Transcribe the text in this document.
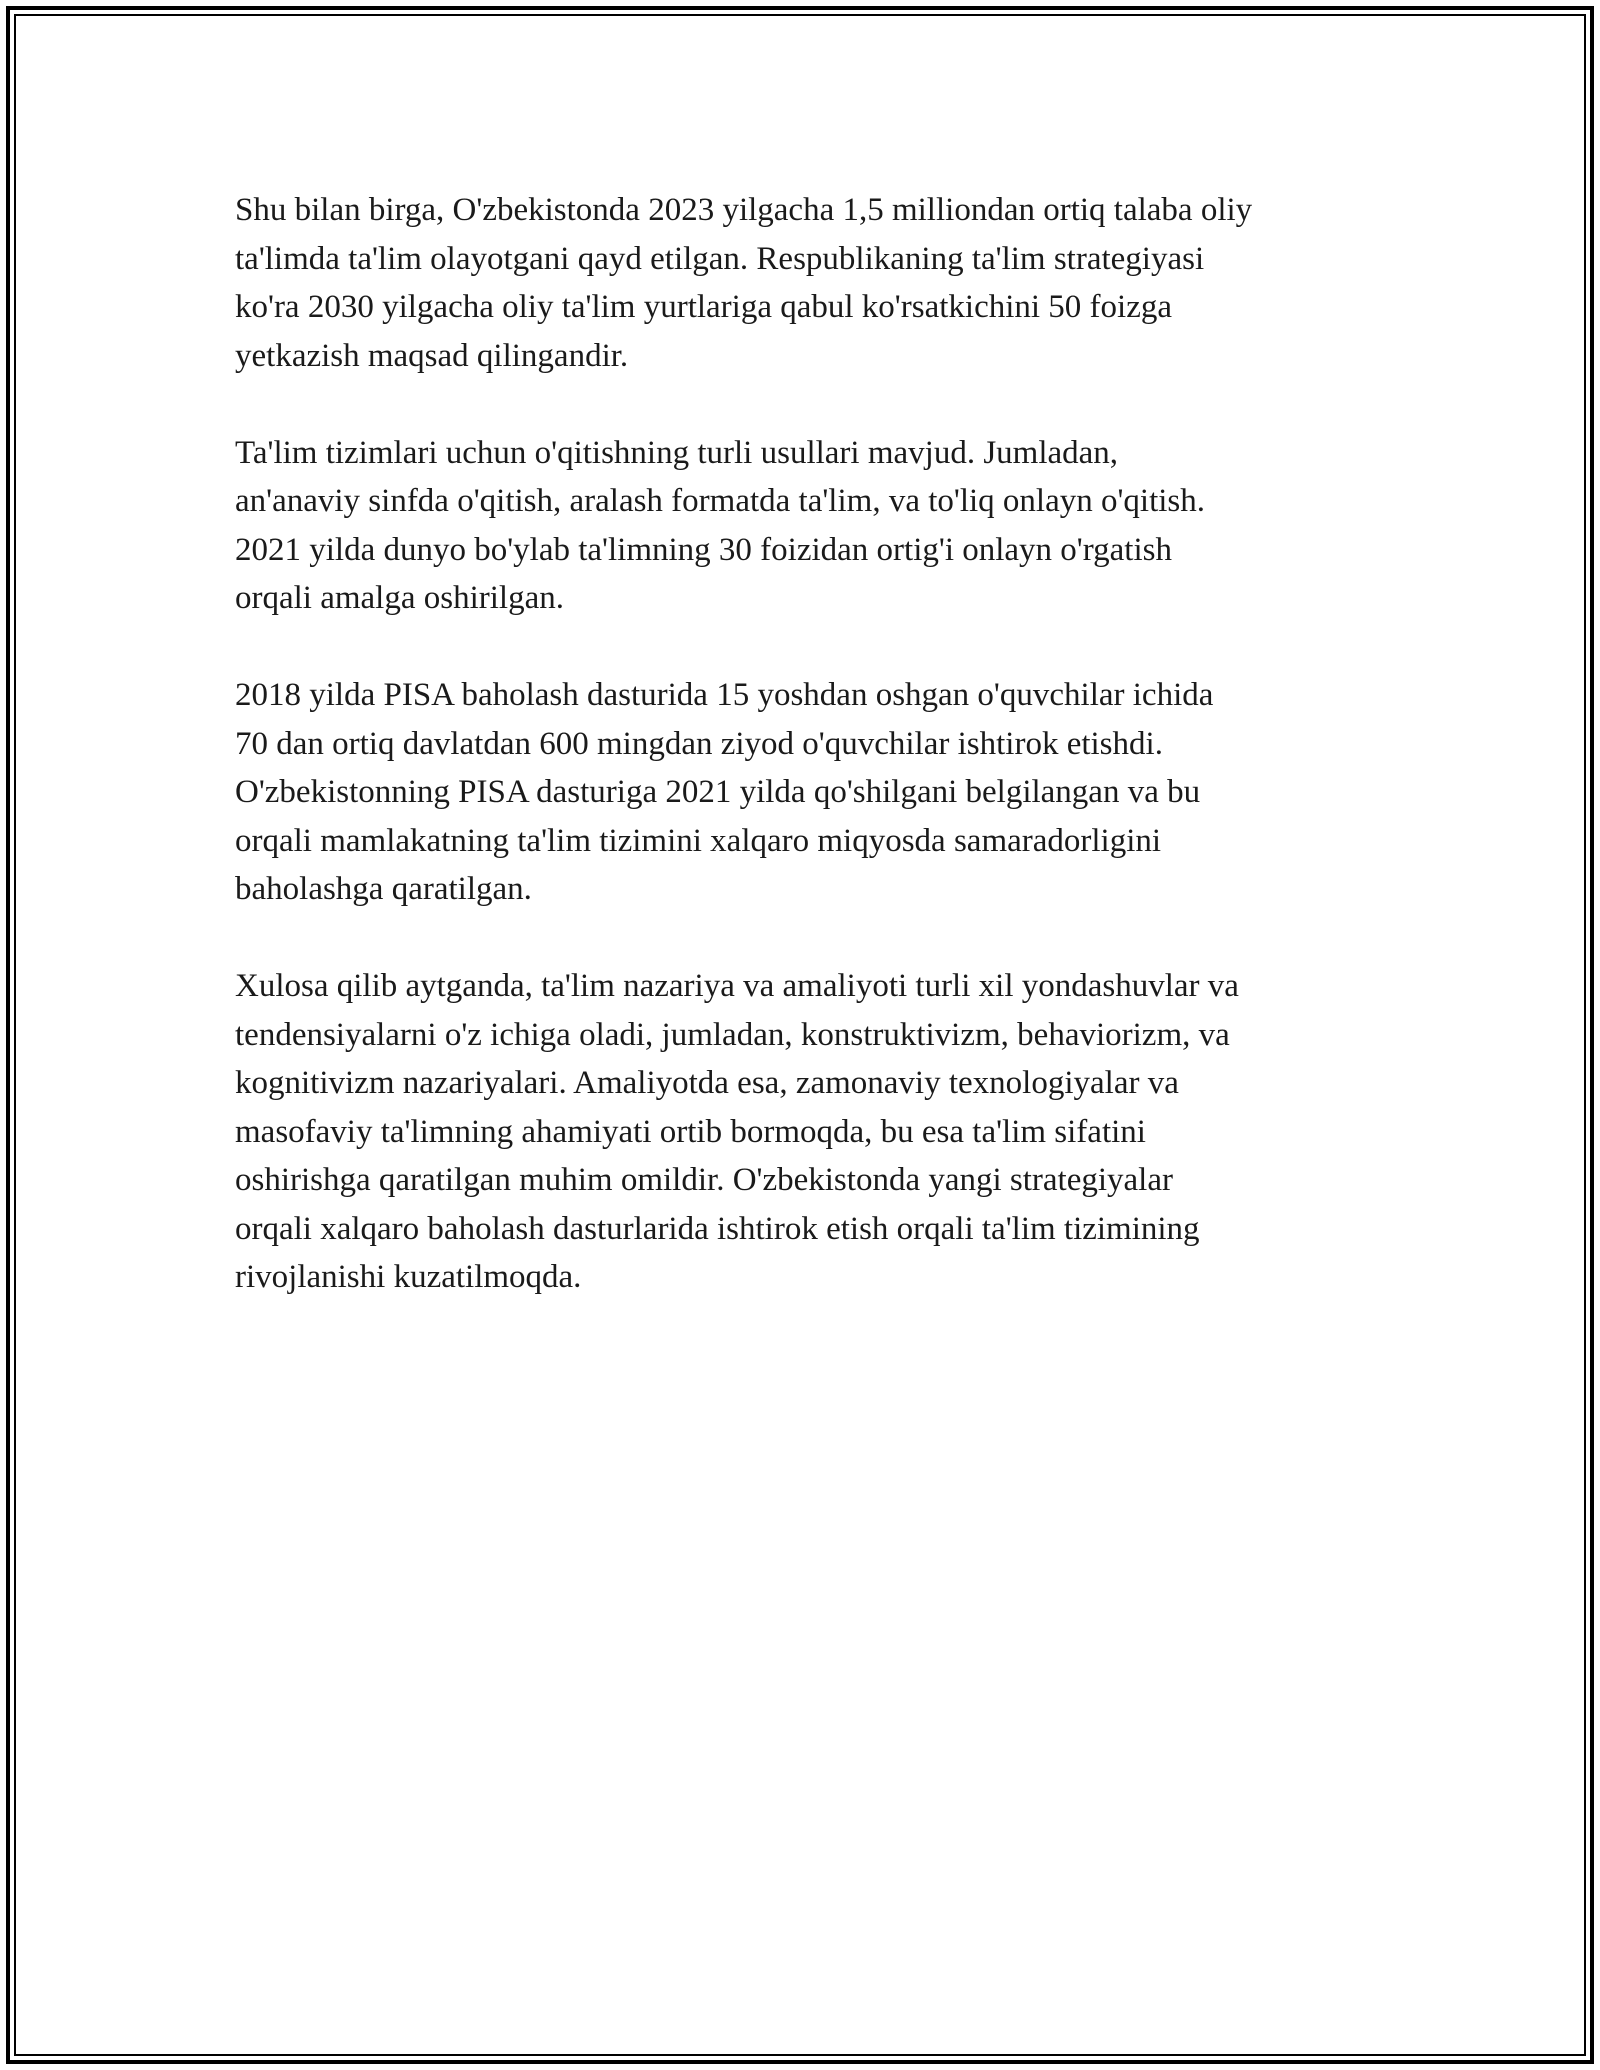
Shu bilan birga, O'zbekistonda 2023 yilgacha 1,5 milliondan ortiq talaba oliy
ta'limda ta'lim olayotgani qayd etilgan. Respublikaning ta'lim strategiyasi
ko'ra 2030 yilgacha oliy ta'lim yurtlariga qabul ko'rsatkichini 50 foizga
yetkazish maqsad qilingandir.

Ta'lim tizimlari uchun o'qitishning turli usullari mavjud. Jumladan,
an'anaviy sinfda o'qitish, aralash formatda ta'lim, va to'liq onlayn o'qitish.
2021 yilda dunyo bo'ylab ta'limning 30 foizidan ortig'i onlayn o'rgatish
orqali amalga oshirilgan.

2018 yilda PISA baholash dasturida 15 yoshdan oshgan o'quvchilar ichida
70 dan ortiq davlatdan 600 mingdan ziyod o'quvchilar ishtirok etishdi.
O'zbekistonning PISA dasturiga 2021 yilda qo'shilgani belgilangan va bu
orqali mamlakatning ta'lim tizimini xalqaro miqyosda samaradorligini
baholashga qaratilgan.

Xulosa qilib aytganda, ta'lim nazariya va amaliyoti turli xil yondashuvlar va
tendensiyalarni o'z ichiga oladi, jumladan, konstruktivizm, behaviorizm, va
kognitivizm nazariyalari. Amaliyotda esa, zamonaviy texnologiyalar va
masofaviy ta'limning ahamiyati ortib bormoqda, bu esa ta'lim sifatini
oshirishga qaratilgan muhim omildir. O'zbekistonda yangi strategiyalar
orqali xalqaro baholash dasturlarida ishtirok etish orqali ta'lim tizimining
rivojlanishi kuzatilmoqda.
